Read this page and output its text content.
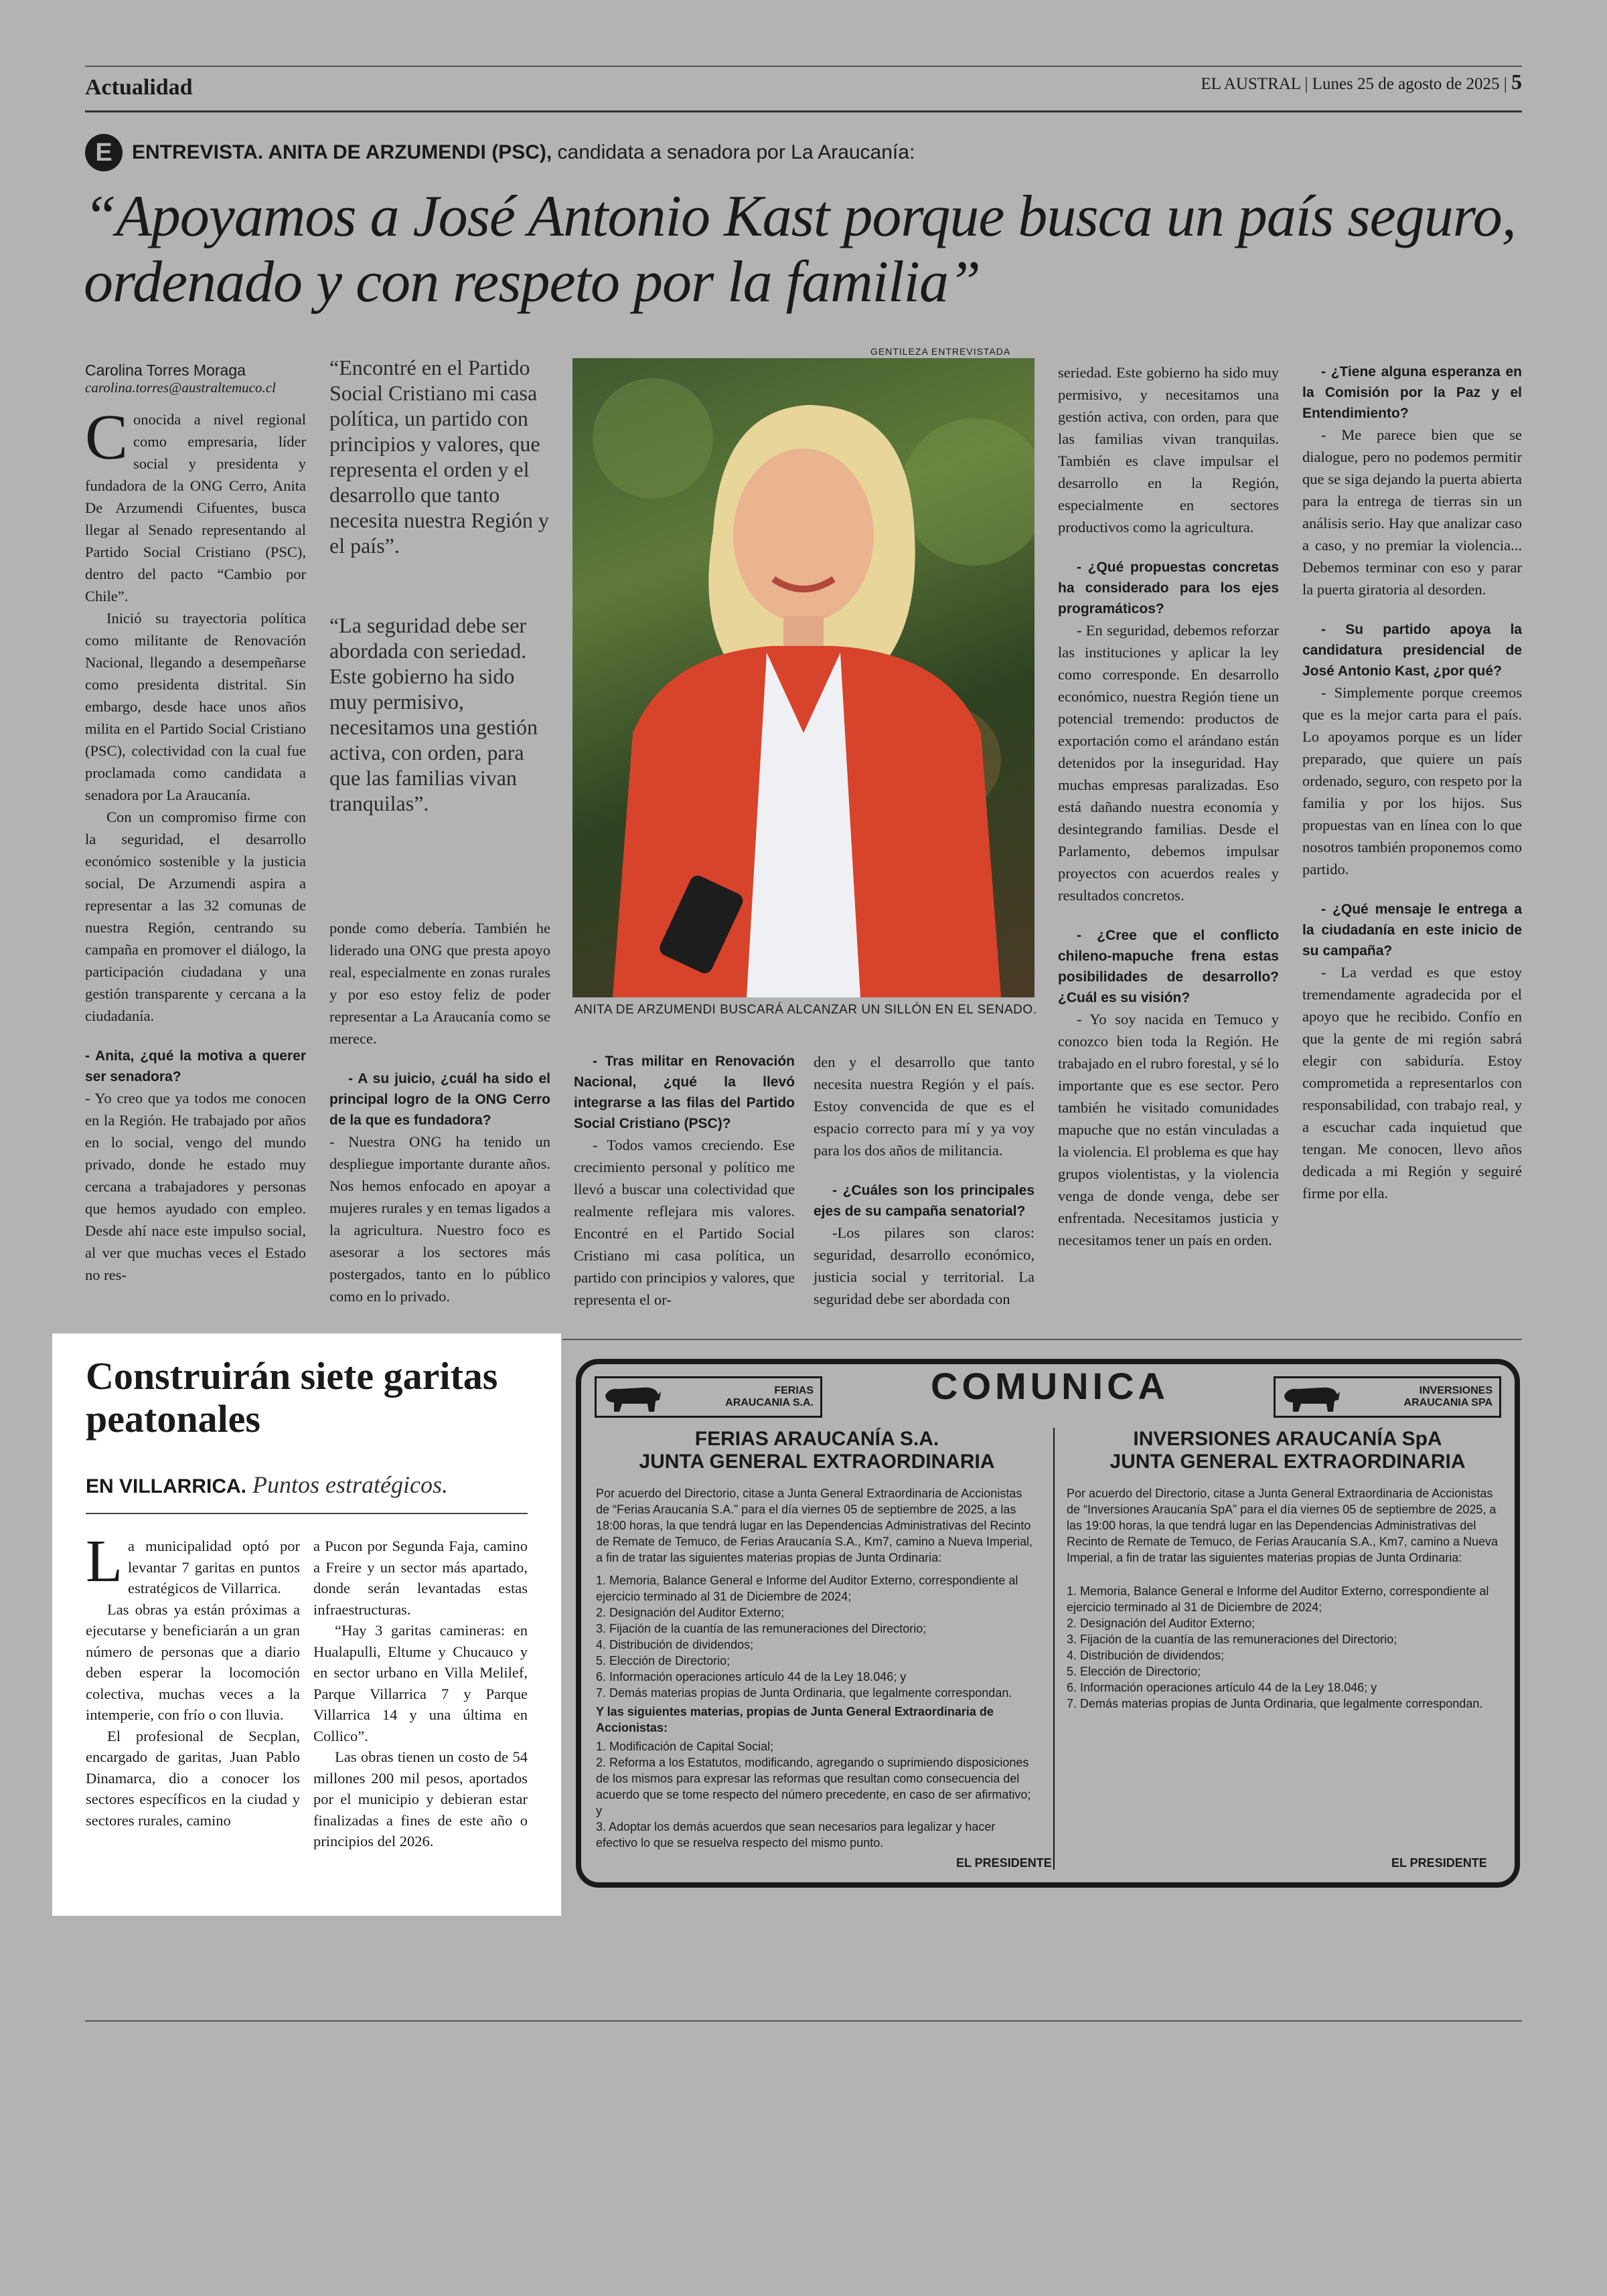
Actualidad	EL AUSTRAL | Lunes 25 de agosto de 2025 | 5
E ENTREVISTA. ANITA DE ARZUMENDI (PSC), candidata a senadora por La Araucanía:
“Apoyamos a José Antonio Kast porque busca un país seguro, ordenado y con respeto por la familia”
Carolina Torres Moraga
carolina.torres@australtemuco.cl

Conocida a nivel regional como empresaria, líder social y presidenta y fundadora de la ONG Cerro, Anita De Arzumendi Cifuentes, busca llegar al Senado representando al Partido Social Cristiano (PSC), dentro del pacto “Cambio por Chile”.

Inició su trayectoria política como militante de Renovación Nacional, llegando a desempeñarse como presidenta distrital. Sin embargo, desde hace unos años milita en el Partido Social Cristiano (PSC), colectividad con la cual fue proclamada como candidata a senadora por La Araucanía.

Con un compromiso firme con la seguridad, el desarrollo económico sostenible y la justicia social, De Arzumendi aspira a representar a las 32 comunas de nuestra Región, centrando su campaña en promover el diálogo, la participación ciudadana y una gestión transparente y cercana a la ciudadanía.

- Anita, ¿qué la motiva a querer ser senadora?

- Yo creo que ya todos me conocen en la Región. He trabajado por años en lo social, vengo del mundo privado, donde he estado muy cercana a trabajadores y personas que hemos ayudado con empleo. Desde ahí nace este impulso social, al ver que muchas veces el Estado no res-

“Encontré en el Partido Social Cristiano mi casa política, un partido con principios y valores, que representa el orden y el desarrollo que tanto necesita nuestra Región y el país”.
“La seguridad debe ser abordada con seriedad. Este gobierno ha sido muy permisivo, necesitamos una gestión activa, con orden, para que las familias vivan tranquilas”.

ponde como debería. También he liderado una ONG que presta apoyo real, especialmente en zonas rurales y por eso estoy feliz de poder representar a La Araucanía como se merece.

- A su juicio, ¿cuál ha sido el principal logro de la ONG Cerro de la que es fundadora?

- Nuestra ONG ha tenido un despliegue importante durante años. Nos hemos enfocado en apoyar a mujeres rurales y en temas ligados a la agricultura. Nuestro foco es asesorar a los sectores más postergados, tanto en lo público como en lo privado.

GENTILEZA ENTREVISTADA
ANITA DE ARZUMENDI BUSCARÁ ALCANZAR UN SILLÓN EN EL SENADO.

- Tras militar en Renovación Nacional, ¿qué la llevó integrarse a las filas del Partido Social Cristiano (PSC)?

- Todos vamos creciendo. Ese crecimiento personal y político me llevó a buscar una colectividad que realmente reflejara mis valores. Encontré en el Partido Social Cristiano mi casa política, un partido con principios y valores, que representa el or-

den y el desarrollo que tanto necesita nuestra Región y el país. Estoy convencida de que es el espacio correcto para mí y ya voy para los dos años de militancia.

- ¿Cuáles son los principales ejes de su campaña senatorial?

-Los pilares son claros: seguridad, desarrollo económico, justicia social y territorial. La seguridad debe ser abordada con

seriedad. Este gobierno ha sido muy permisivo, y necesitamos una gestión activa, con orden, para que las familias vivan tranquilas. También es clave impulsar el desarrollo en la Región, especialmente en sectores productivos como la agricultura.

- ¿Qué propuestas concretas ha considerado para los ejes programáticos?

- En seguridad, debemos reforzar las instituciones y aplicar la ley como corresponde. En desarrollo económico, nuestra Región tiene un potencial tremendo: productos de exportación como el arándano están detenidos por la inseguridad. Hay muchas empresas paralizadas. Eso está dañando nuestra economía y desintegrando familias. Desde el Parlamento, debemos impulsar proyectos con acuerdos reales y resultados concretos.

- ¿Cree que el conflicto chileno-mapuche frena estas posibilidades de desarrollo? ¿Cuál es su visión?

- Yo soy nacida en Temuco y conozco bien toda la Región. He trabajado en el rubro forestal, y sé lo importante que es ese sector. Pero también he visitado comunidades mapuche que no están vinculadas a la violencia. El problema es que hay grupos violentistas, y la violencia venga de donde venga, debe ser enfrentada. Necesitamos justicia y necesitamos tener un país en orden.

- ¿Tiene alguna esperanza en la Comisión por la Paz y el Entendimiento?

- Me parece bien que se dialogue, pero no podemos permitir que se siga dejando la puerta abierta para la entrega de tierras sin un análisis serio. Hay que analizar caso a caso, y no premiar la violencia... Debemos terminar con eso y parar la puerta giratoria al desorden.

- Su partido apoya la candidatura presidencial de José Antonio Kast, ¿por qué?

- Simplemente porque creemos que es la mejor carta para el país. Lo apoyamos porque es un líder preparado, que quiere un país ordenado, seguro, con respeto por la familia y por los hijos. Sus propuestas van en línea con lo que nosotros también proponemos como partido.

- ¿Qué mensaje le entrega a la ciudadanía en este inicio de su campaña?

- La verdad es que estoy tremendamente agradecida por el apoyo que he recibido. Confío en que la gente de mi región sabrá elegir con sabiduría. Estoy comprometida a representarlos con responsabilidad, con trabajo real, y a escuchar cada inquietud que tengan. Me conocen, llevo años dedicada a mi Región y seguiré firme por ella.

Construirán siete garitas peatonales
EN VILLARRICA. Puntos estratégicos.

La municipalidad optó por levantar 7 garitas en puntos estratégicos de Villarrica.

Las obras ya están próximas a ejecutarse y beneficiarán a un gran número de personas que a diario deben esperar la locomoción colectiva, muchas veces a la intemperie, con frío o con lluvia.

El profesional de Secplan, encargado de garitas, Juan Pablo Dinamarca, dio a conocer los sectores específicos en la ciudad y sectores rurales, camino

a Pucon por Segunda Faja, camino a Freire y un sector más apartado, donde serán levantadas estas infraestructuras.

“Hay 3 garitas camineras: en Hualapulli, Eltume y Chucauco y en sector urbano en Villa Melilef, Parque Villarrica 7 y Parque Villarrica 14 y una última en Collico”.

Las obras tienen un costo de 54 millones 200 mil pesos, aportados por el municipio y debieran estar finalizadas a fines de este año o principios del 2026.

COMUNICA
FERIAS
ARAUCANIA S.A.
INVERSIONES
ARAUCANIA SPA
FERIAS ARAUCANÍA S.A.
JUNTA GENERAL EXTRAORDINARIA

Por acuerdo del Directorio, citase a Junta General Extraordinaria de Accionistas de “Ferias Araucanía S.A.” para el día viernes 05 de septiembre de 2025, a las 18:00 horas, la que tendrá lugar en las Dependencias Administrativas del Recinto de Remate de Temuco, de Ferias Araucanía S.A., Km7, camino a Nueva Imperial, a fin de tratar las siguientes materias propias de Junta Ordinaria:

1. Memoria, Balance General e Informe del Auditor Externo, correspondiente al ejercicio terminado al 31 de Diciembre de 2024;
2. Designación del Auditor Externo;
3. Fijación de la cuantía de las remuneraciones del Directorio;
4. Distribución de dividendos;
5. Elección de Directorio;
6. Información operaciones artículo 44 de la Ley 18.046; y
7. Demás materias propias de Junta Ordinaria, que legalmente correspondan.

Y las siguientes materias, propias de Junta General Extraordinaria de Accionistas:

1. Modificación de Capital Social;
2. Reforma a los Estatutos, modificando, agregando o suprimiendo disposiciones de los mismos para expresar las reformas que resultan como consecuencia del acuerdo que se tome respecto del número precedente, en caso de ser afirmativo; y
3. Adoptar los demás acuerdos que sean necesarios para legalizar y hacer efectivo lo que se resuelva respecto del mismo punto.
EL PRESIDENTE
INVERSIONES ARAUCANÍA SpA
JUNTA GENERAL EXTRAORDINARIA

Por acuerdo del Directorio, citase a Junta General Extraordinaria de Accionistas de “Inversiones Araucanía SpA” para el día viernes 05 de septiembre de 2025, a las 19:00 horas, la que tendrá lugar en las Dependencias Administrativas del Recinto de Remate de Temuco, de Ferias Araucanía S.A., Km7, camino a Nueva Imperial, a fin de tratar las siguientes materias propias de Junta Ordinaria:

1. Memoria, Balance General e Informe del Auditor Externo, correspondiente al ejercicio terminado al 31 de Diciembre de 2024;
2. Designación del Auditor Externo;
3. Fijación de la cuantía de las remuneraciones del Directorio;
4. Distribución de dividendos;
5. Elección de Directorio;
6. Información operaciones artículo 44 de la Ley 18.046; y
7. Demás materias propias de Junta Ordinaria, que legalmente correspondan.
EL PRESIDENTE
